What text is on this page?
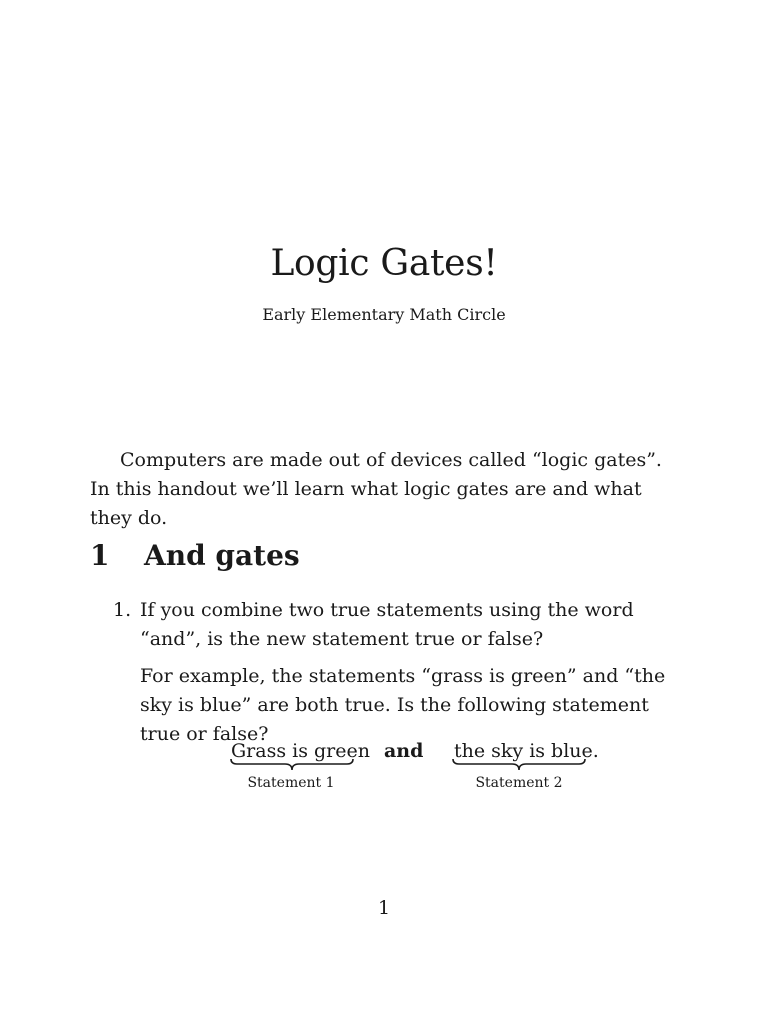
Logic Gates!
Early Elementary Math Circle

Computers are made out of devices called “logic gates”. In this handout we’ll learn what logic gates are and what they do.

1 And gates
1. If you combine two true statements using the word “and”, is the new statement true or false?

For example, the statements “grass is green” and “the sky is blue” are both true. Is the following statement true or false?

Grass is green and the sky is blue.
Statement 1	Statement 2
1
